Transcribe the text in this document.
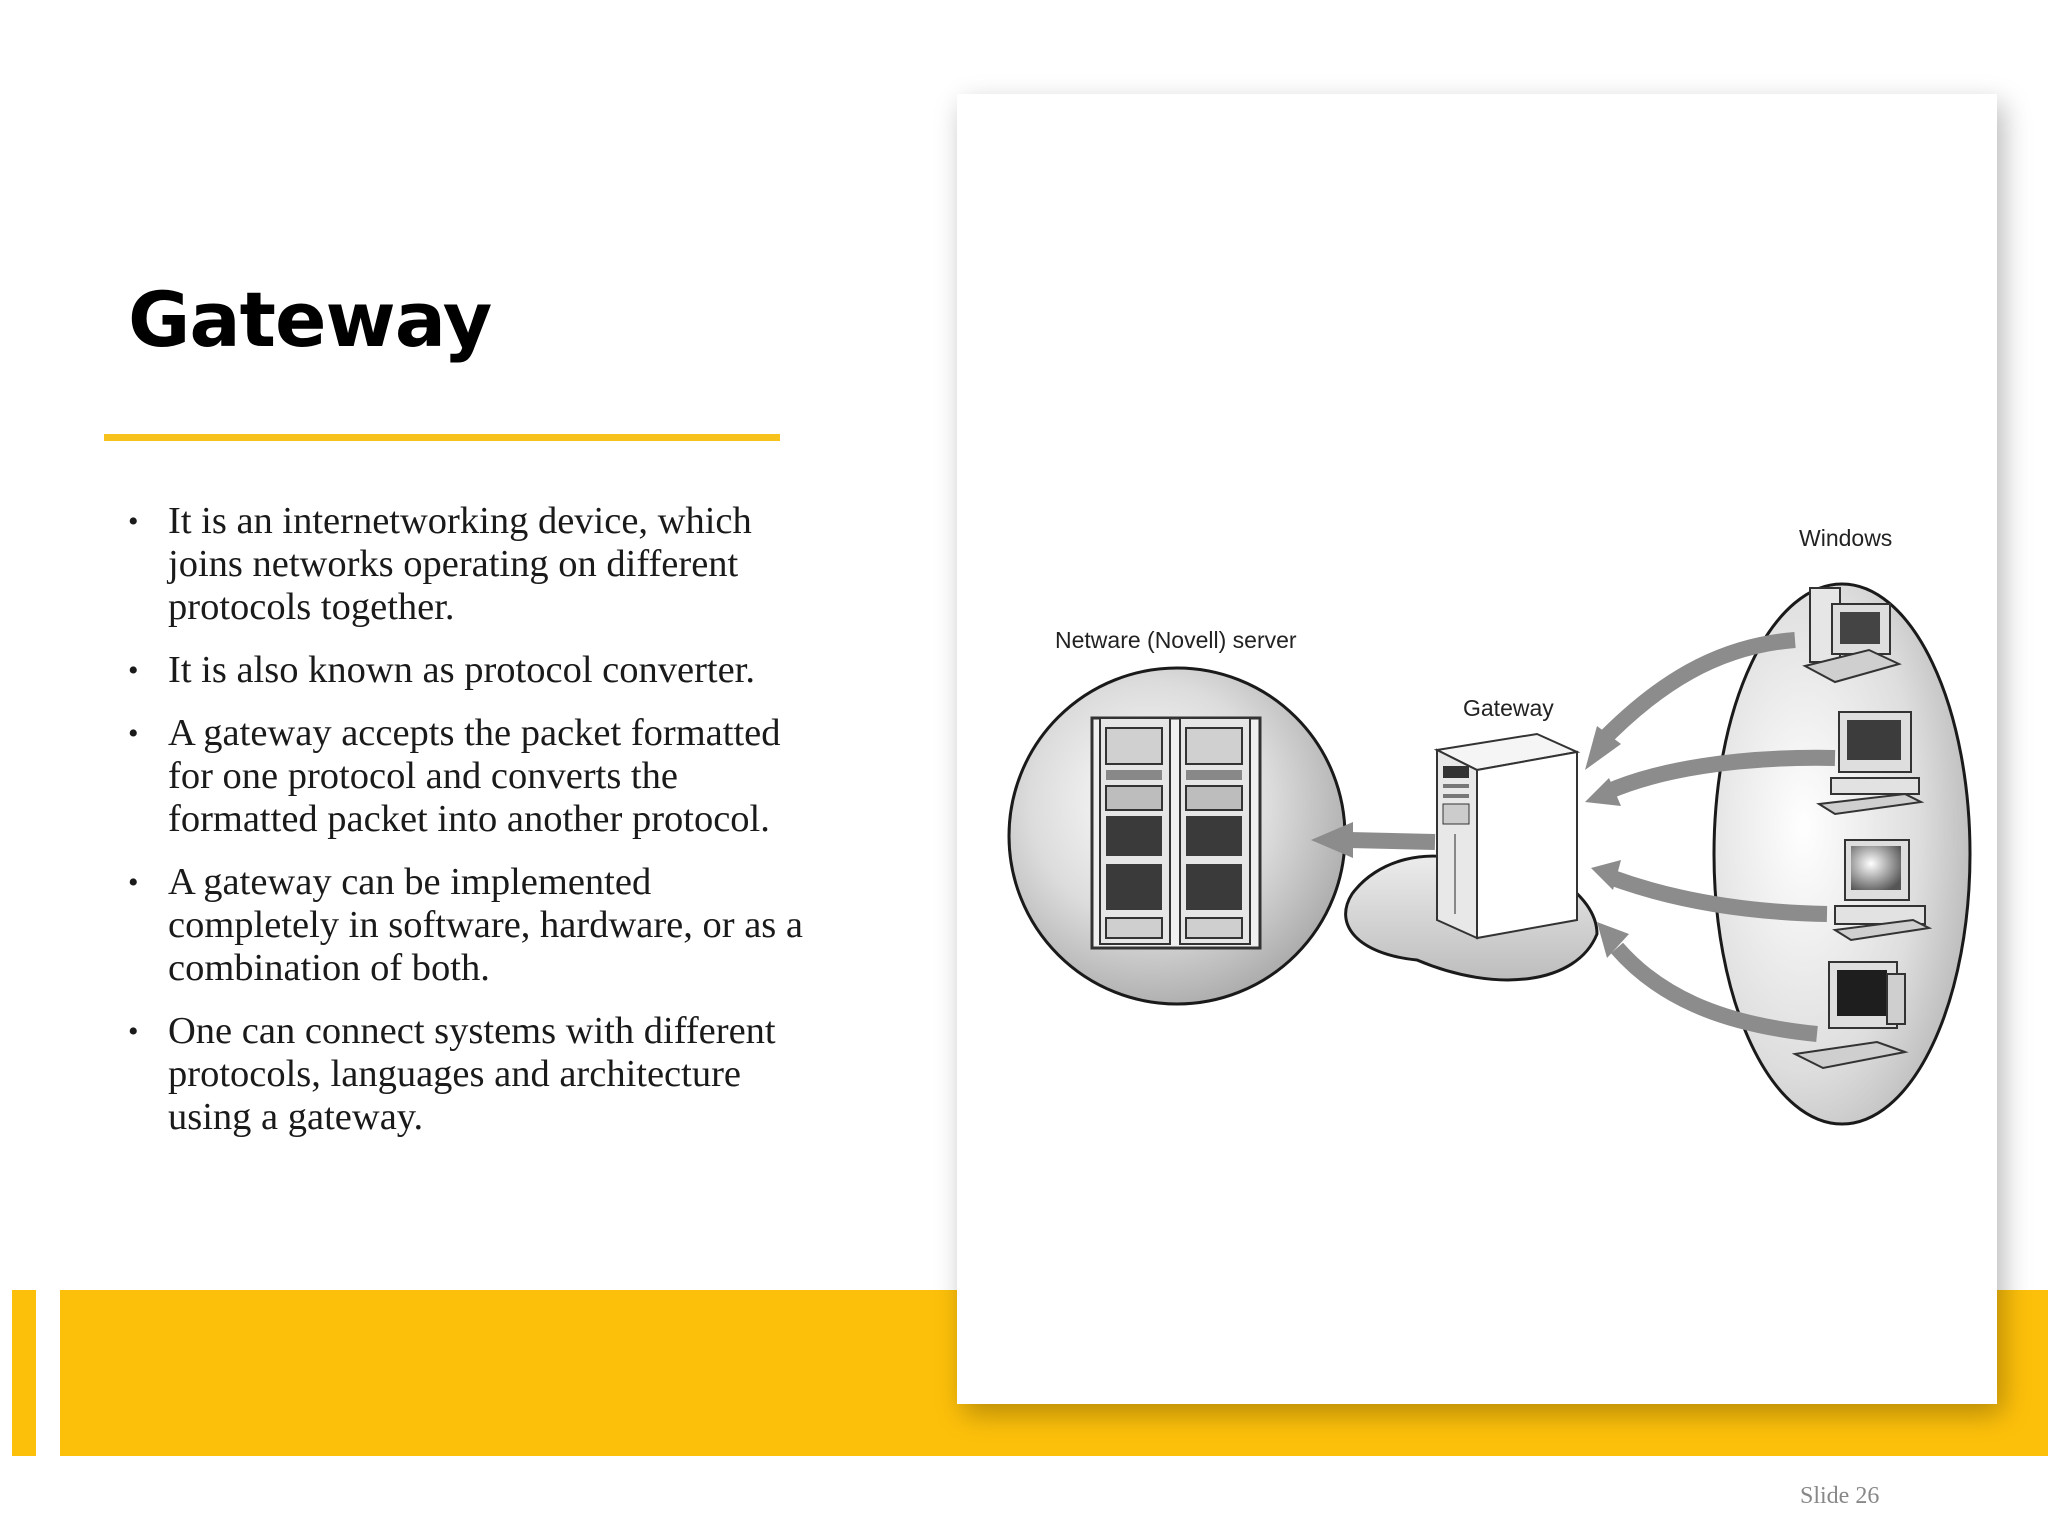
Gateway
• It is an internetworking device, which joins networks operating on different protocols together.
• It is also known as protocol converter.
• A gateway accepts the packet formatted for one protocol and converts the formatted packet into another protocol.
• A gateway can be implemented completely in software, hardware, or as a combination of both.
• One can connect systems with different protocols, languages and architecture using a gateway.
Netware (Novell) server
Gateway
Windows
Slide 26
